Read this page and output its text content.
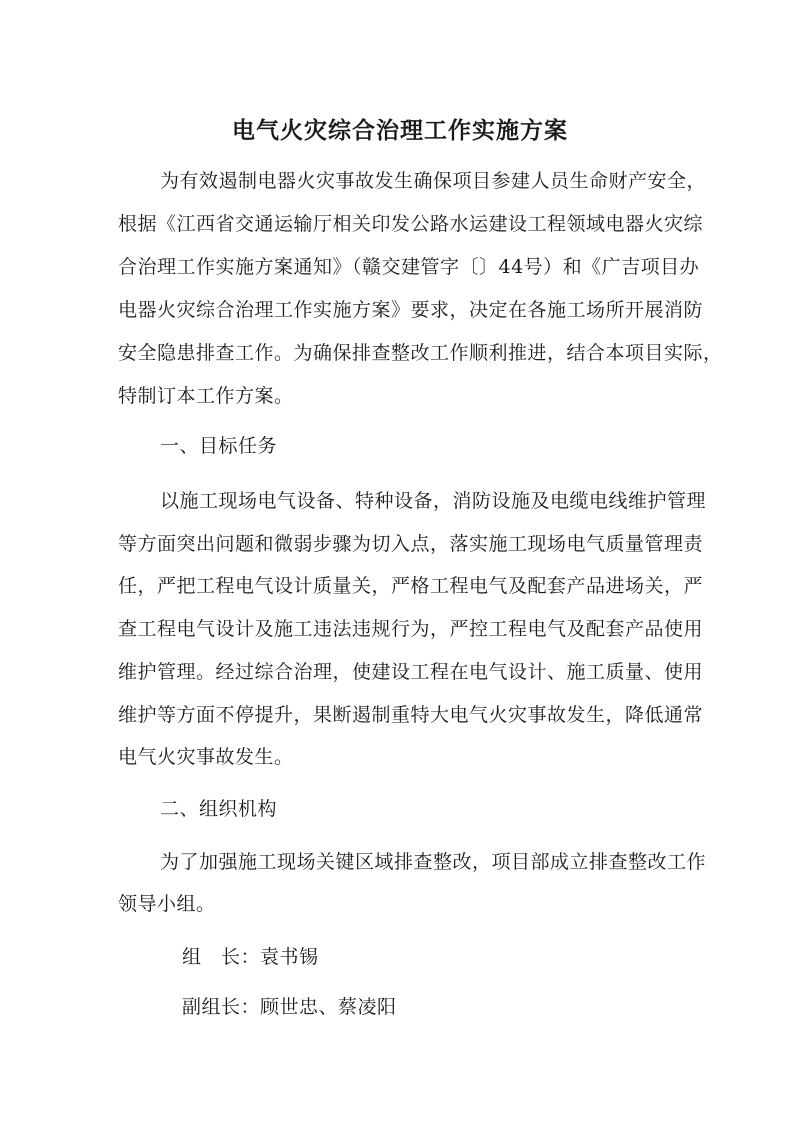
电气火灾综合治理工作实施方案
为有效遏制电器火灾事故发生确保项目参建人员生命财产安全，
根据《江西省交通运输厅相关印发公路水运建设工程领域电器火灾综
合治理工作实施方案通知》（赣交建管字〔〕44号）和《广吉项目办
电器火灾综合治理工作实施方案》要求，决定在各施工场所开展消防
安全隐患排查工作。为确保排查整改工作顺利推进，结合本项目实际，
特制订本工作方案。
一、目标任务
以施工现场电气设备、特种设备，消防设施及电缆电线维护管理
等方面突出问题和微弱步骤为切入点，落实施工现场电气质量管理责
任，严把工程电气设计质量关，严格工程电气及配套产品进场关，严
查工程电气设计及施工违法违规行为，严控工程电气及配套产品使用
维护管理。经过综合治理，使建设工程在电气设计、施工质量、使用
维护等方面不停提升，果断遏制重特大电气火灾事故发生，降低通常
电气火灾事故发生。
二、组织机构
为了加强施工现场关键区域排查整改，项目部成立排查整改工作
领导小组。
组　长：袁书锡
副组长：顾世忠、蔡凌阳
